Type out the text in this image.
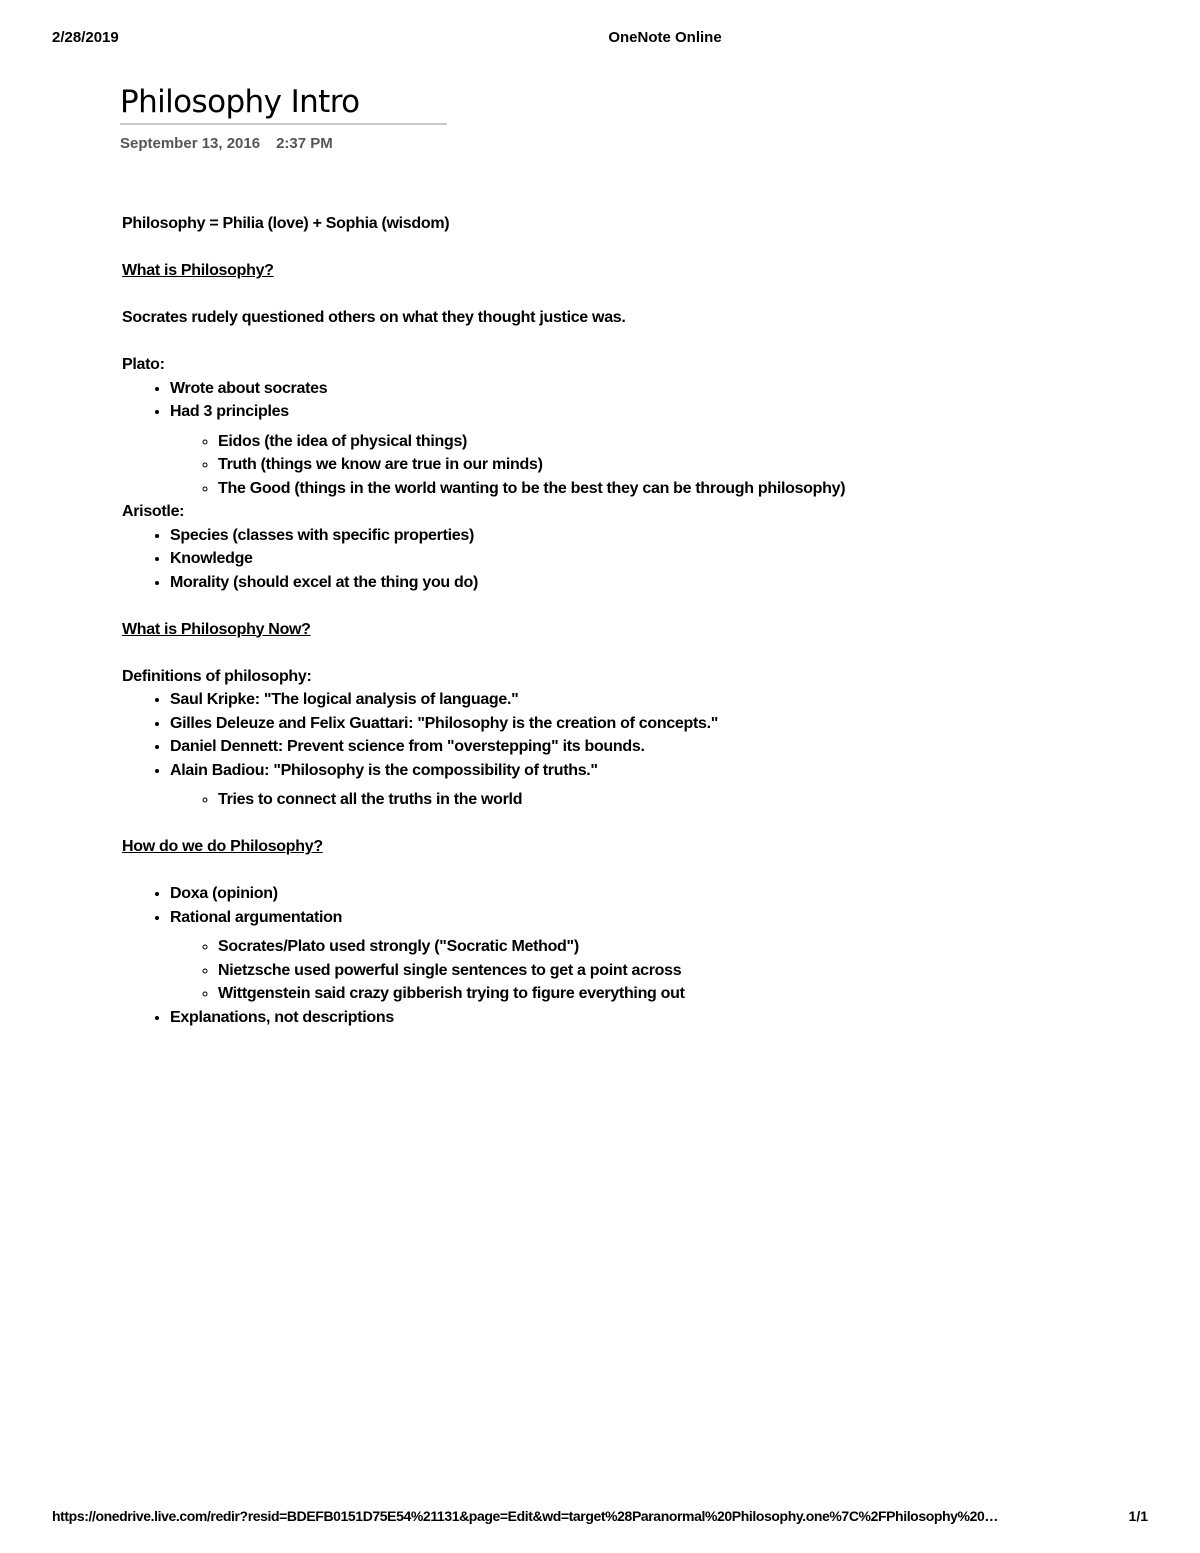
2/28/2019	OneNote Online
Philosophy Intro
September 13, 2016 2:37 PM

Philosophy = Philia (love) + Sophia (wisdom)

What is Philosophy?

Socrates rudely questioned others on what they thought justice was.

Plato:

• Wrote about socrates
• Had 3 principles
◦ Eidos (the idea of physical things)
◦ Truth (things we know are true in our minds)
◦ The Good (things in the world wanting to be the best they can be through philosophy)

Arisotle:

• Species (classes with specific properties)
• Knowledge
• Morality (should excel at the thing you do)

What is Philosophy Now?

Definitions of philosophy:

• Saul Kripke: "The logical analysis of language."
• Gilles Deleuze and Felix Guattari: "Philosophy is the creation of concepts."
• Daniel Dennett: Prevent science from "overstepping" its bounds.
• Alain Badiou: "Philosophy is the compossibility of truths."
◦ Tries to connect all the truths in the world

How do we do Philosophy?

• Doxa (opinion)
• Rational argumentation
◦ Socrates/Plato used strongly ("Socratic Method")
◦ Nietzsche used powerful single sentences to get a point across
◦ Wittgenstein said crazy gibberish trying to figure everything out
• Explanations, not descriptions
https://onedrive.live.com/redir?resid=BDEFB0151D75E54%21131&page=Edit&wd=target%28Paranormal%20Philosophy.one%7C%2FPhilosophy%20…	1/1
